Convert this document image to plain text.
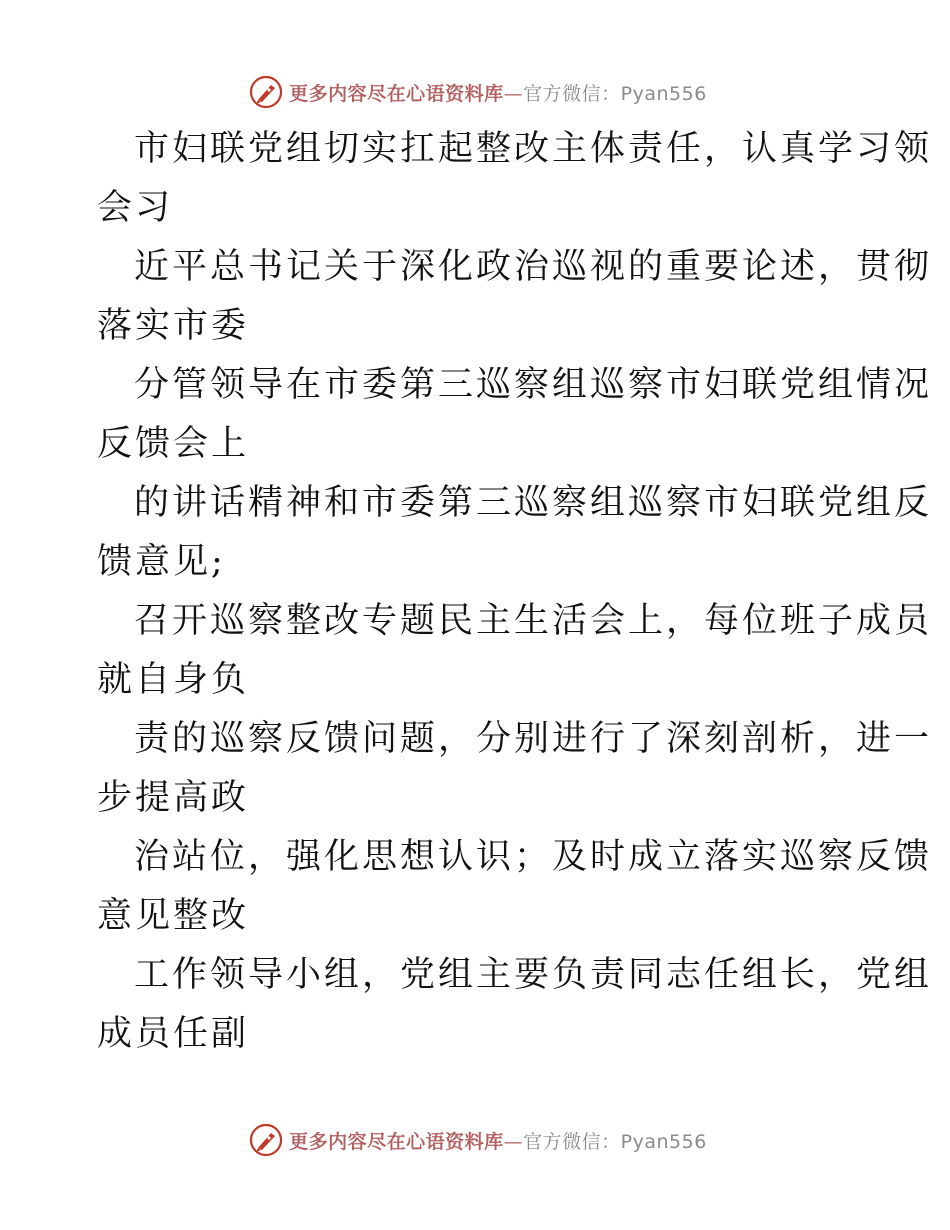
更多内容尽在心语资料库—官方微信：Pyan556
市妇联党组切实扛起整改主体责任，认真学习领
会习
近平总书记关于深化政治巡视的重要论述，贯彻
落实市委
分管领导在市委第三巡察组巡察市妇联党组情况
反馈会上
的讲话精神和市委第三巡察组巡察市妇联党组反
馈意见;
召开巡察整改专题民主生活会上，每位班子成员
就自身负
责的巡察反馈问题，分别进行了深刻剖析，进一
步提高政
治站位，强化思想认识；及时成立落实巡察反馈
意见整改
工作领导小组，党组主要负责同志任组长，党组
成员任副
更多内容尽在心语资料库—官方微信：Pyan556
